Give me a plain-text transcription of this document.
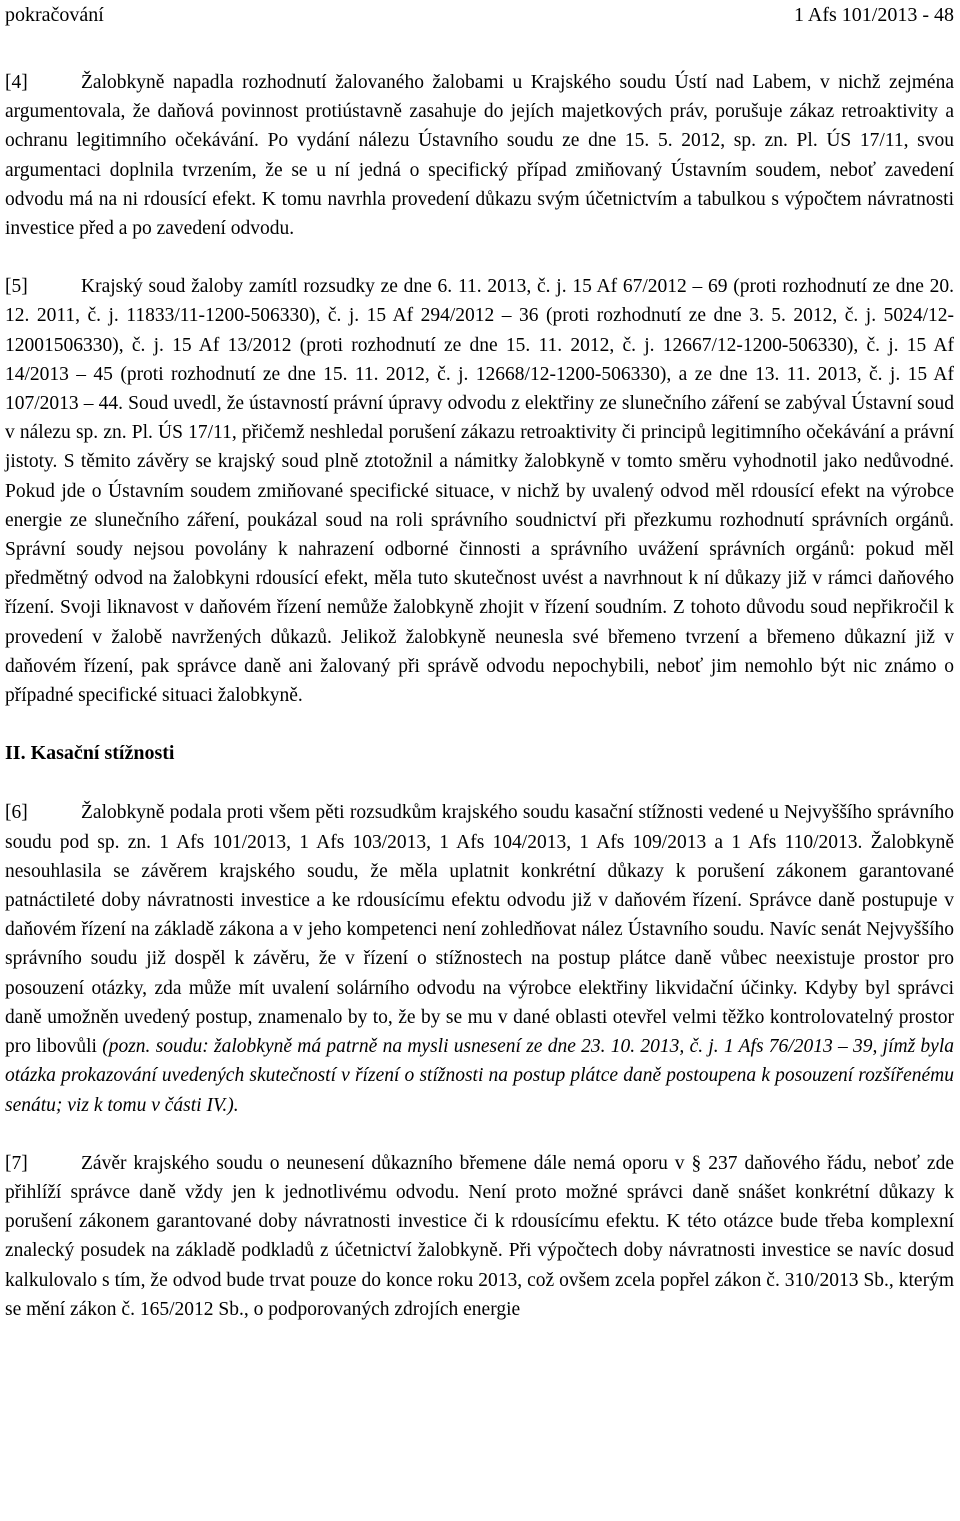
pokračování	1 Afs 101/2013 - 48

[4]	Žalobkyně napadla rozhodnutí žalovaného žalobami u Krajského soudu Ústí nad Labem, v nichž zejména argumentovala, že daňová povinnost protiústavně zasahuje do jejích majetkových práv, porušuje zákaz retroaktivity a ochranu legitimního očekávání. Po vydání nálezu Ústavního soudu ze dne 15. 5. 2012, sp. zn. Pl. ÚS 17/11, svou argumentaci doplnila tvrzením, že se u ní jedná o specifický případ zmiňovaný Ústavním soudem, neboť zavedení odvodu má na ni rdousící efekt. K tomu navrhla provedení důkazu svým účetnictvím a tabulkou s výpočtem návratnosti investice před a po zavedení odvodu.

[5]	Krajský soud žaloby zamítl rozsudky ze dne 6. 11. 2013, č. j. 15 Af 67/2012 – 69 (proti rozhodnutí ze dne 20. 12. 2011, č. j. 11833/11-1200-506330), č. j. 15 Af 294/2012 – 36 (proti rozhodnutí ze dne 3. 5. 2012, č. j. 5024/12-12001506330), č. j. 15 Af 13/2012 (proti rozhodnutí ze dne 15. 11. 2012, č. j. 12667/12-1200-506330), č. j. 15 Af 14/2013 – 45 (proti rozhodnutí ze dne 15. 11. 2012, č. j. 12668/12-1200-506330), a ze dne 13. 11. 2013, č. j. 15 Af 107/2013 – 44. Soud uvedl, že ústavností právní úpravy odvodu z elektřiny ze slunečního záření se zabýval Ústavní soud v nálezu sp. zn. Pl. ÚS 17/11, přičemž neshledal porušení zákazu retroaktivity či principů legitimního očekávání a právní jistoty. S těmito závěry se krajský soud plně ztotožnil a námitky žalobkyně v tomto směru vyhodnotil jako nedůvodné. Pokud jde o Ústavním soudem zmiňované specifické situace, v nichž by uvalený odvod měl rdousící efekt na výrobce energie ze slunečního záření, poukázal soud na roli správního soudnictví při přezkumu rozhodnutí správních orgánů. Správní soudy nejsou povolány k nahrazení odborné činnosti a správního uvážení správních orgánů: pokud měl předmětný odvod na žalobkyni rdousící efekt, měla tuto skutečnost uvést a navrhnout k ní důkazy již v rámci daňového řízení. Svoji liknavost v daňovém řízení nemůže žalobkyně zhojit v řízení soudním. Z tohoto důvodu soud nepřikročil k provedení v žalobě navržených důkazů. Jelikož žalobkyně neunesla své břemeno tvrzení a břemeno důkazní již v daňovém řízení, pak správce daně ani žalovaný při správě odvodu nepochybili, neboť jim nemohlo být nic známo o případné specifické situaci žalobkyně.

II. Kasační stížnosti

[6]	Žalobkyně podala proti všem pěti rozsudkům krajského soudu kasační stížnosti vedené u Nejvyššího správního soudu pod sp. zn. 1 Afs 101/2013, 1 Afs 103/2013, 1 Afs 104/2013, 1 Afs 109/2013 a 1 Afs 110/2013. Žalobkyně nesouhlasila se závěrem krajského soudu, že měla uplatnit konkrétní důkazy k porušení zákonem garantované patnáctileté doby návratnosti investice a ke rdousícímu efektu odvodu již v daňovém řízení. Správce daně postupuje v daňovém řízení na základě zákona a v jeho kompetenci není zohledňovat nález Ústavního soudu. Navíc senát Nejvyššího správního soudu již dospěl k závěru, že v řízení o stížnostech na postup plátce daně vůbec neexistuje prostor pro posouzení otázky, zda může mít uvalení solárního odvodu na výrobce elektřiny likvidační účinky. Kdyby byl správci daně umožněn uvedený postup, znamenalo by to, že by se mu v dané oblasti otevřel velmi těžko kontrolovatelný prostor pro libovůli (pozn. soudu: žalobkyně má patrně na mysli usnesení ze dne 23. 10. 2013, č. j. 1 Afs 76/2013 – 39, jímž byla otázka prokazování uvedených skutečností v řízení o stížnosti na postup plátce daně postoupena k posouzení rozšířenému senátu; viz k tomu v části IV.).

[7]	Závěr krajského soudu o neunesení důkazního břemene dále nemá oporu v § 237 daňového řádu, neboť zde přihlíží správce daně vždy jen k jednotlivému odvodu. Není proto možné správci daně snášet konkrétní důkazy k porušení zákonem garantované doby návratnosti investice či k rdousícímu efektu. K této otázce bude třeba komplexní znalecký posudek na základě podkladů z účetnictví žalobkyně. Při výpočtech doby návratnosti investice se navíc dosud kalkulovalo s tím, že odvod bude trvat pouze do konce roku 2013, což ovšem zcela popřel zákon č. 310/2013 Sb., kterým se mění zákon č. 165/2012 Sb., o podporovaných zdrojích energie
